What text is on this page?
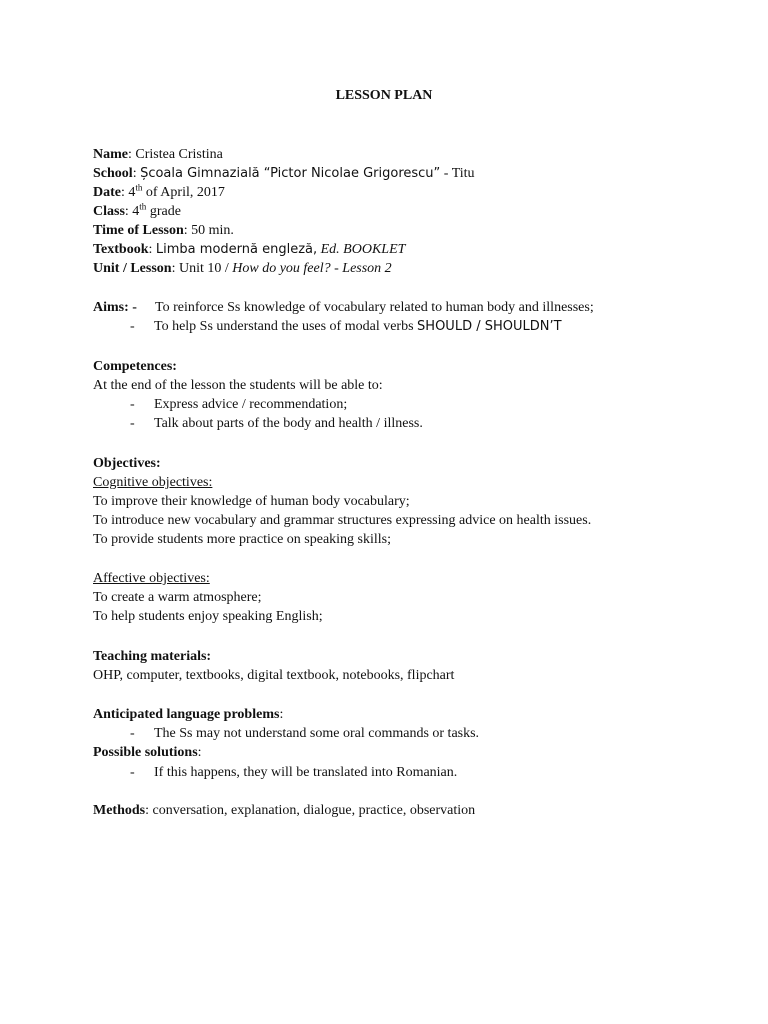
LESSON PLAN
Name: Cristea Cristina
School: Școala Gimnazială “Pictor Nicolae Grigorescu” - Titu
Date: 4th of April, 2017
Class: 4th grade
Time of Lesson: 50 min.
Textbook: Limba modernă engleză, Ed. BOOKLET
Unit / Lesson: Unit 10 / How do you feel? - Lesson 2
Aims: - To reinforce Ss knowledge of vocabulary related to human body and illnesses;
- To help Ss understand the uses of modal verbs SHOULD / SHOULDN’T
Competences:
At the end of the lesson the students will be able to:
- Express advice / recommendation;
- Talk about parts of the body and health / illness.
Objectives:
Cognitive objectives:
To improve their knowledge of human body vocabulary;
To introduce new vocabulary and grammar structures expressing advice on health issues.
To provide students more practice on speaking skills;
Affective objectives:
To create a warm atmosphere;
To help students enjoy speaking English;
Teaching materials:
OHP, computer, textbooks, digital textbook, notebooks, flipchart
Anticipated language problems:
- The Ss may not understand some oral commands or tasks.
Possible solutions:
- If this happens, they will be translated into Romanian.
Methods: conversation, explanation, dialogue, practice, observation
